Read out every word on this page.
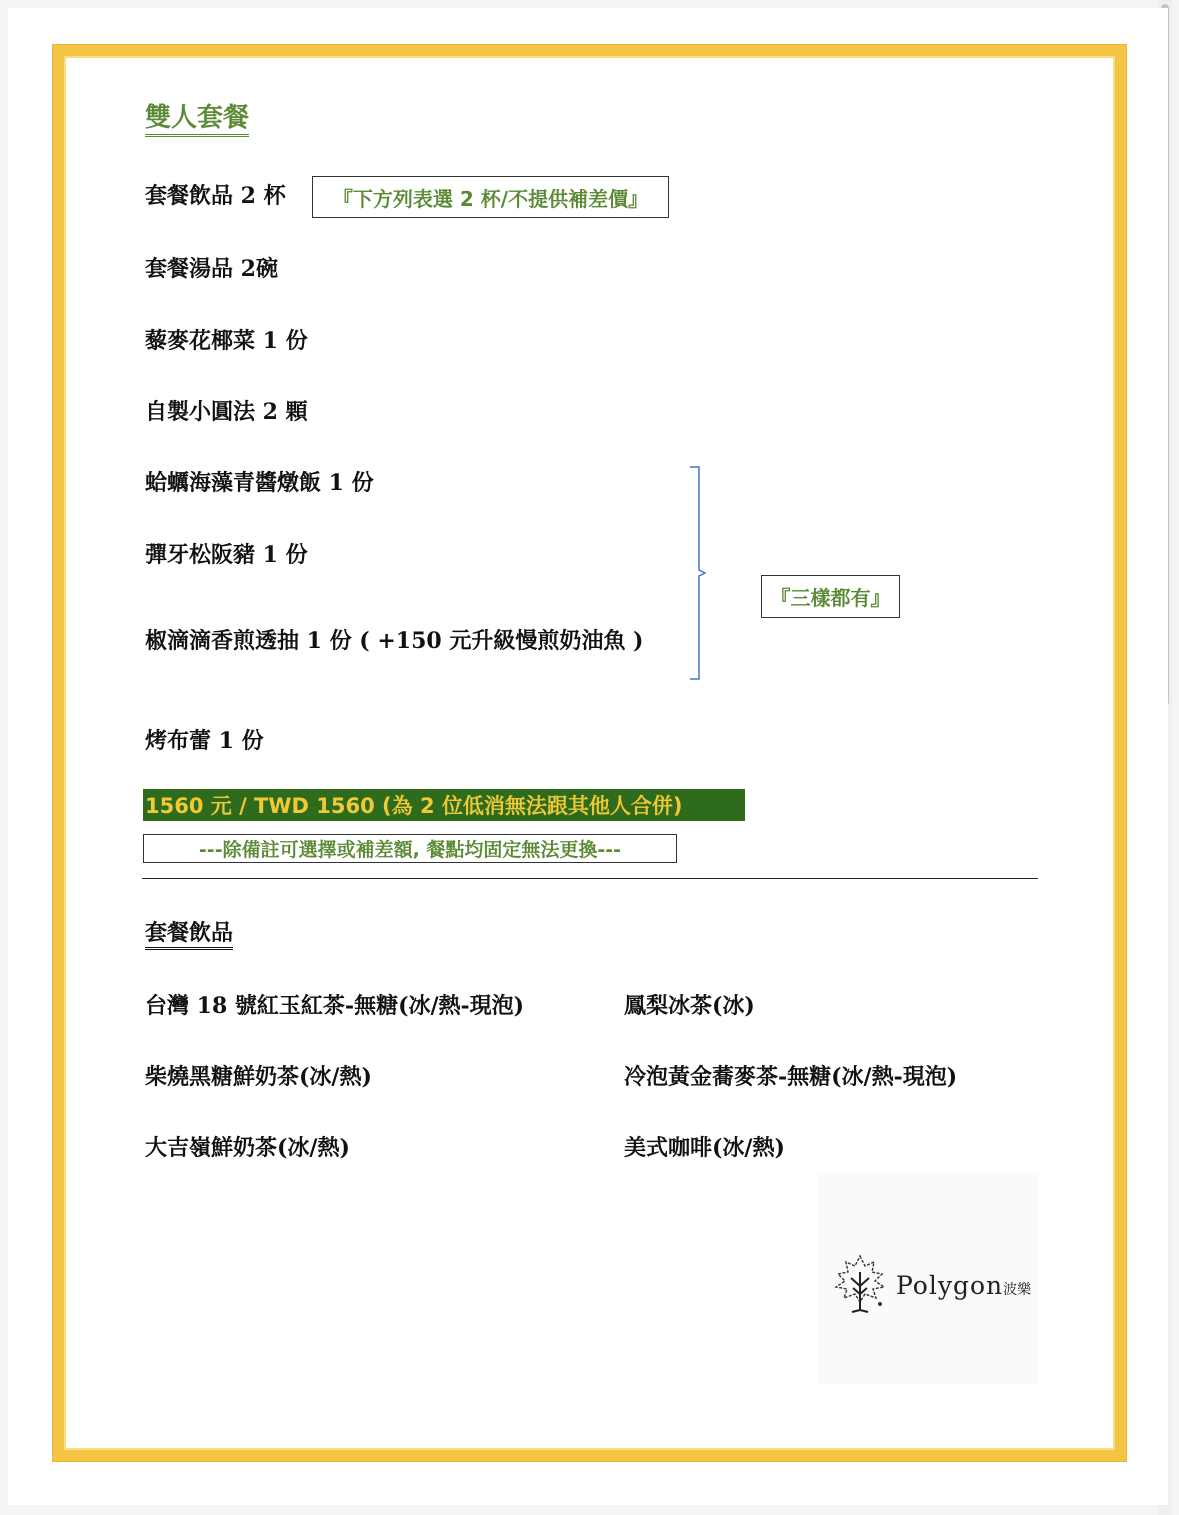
雙人套餐
套餐飲品 2 杯	『下方列表選 2 杯/不提供補差價』
套餐湯品 2碗
藜麥花椰菜 1 份
自製小圓法 2 顆
蛤蠣海藻青醬燉飯 1 份
彈牙松阪豬 1 份
椒滴滴香煎透抽 1 份 ( +150 元升級慢煎奶油魚 )
『三樣都有』
烤布蕾 1 份
1560 元 / TWD 1560 (為 2 位低消無法跟其他人合併)
---除備註可選擇或補差額, 餐點均固定無法更換---
套餐飲品
台灣 18 號紅玉紅茶-無糖(冰/熱-現泡)
柴燒黑糖鮮奶茶(冰/熱)
大吉嶺鮮奶茶(冰/熱)
鳳梨冰茶(冰)
冷泡黃金蕎麥茶-無糖(冰/熱-現泡)
美式咖啡(冰/熱)
Polygon波樂
